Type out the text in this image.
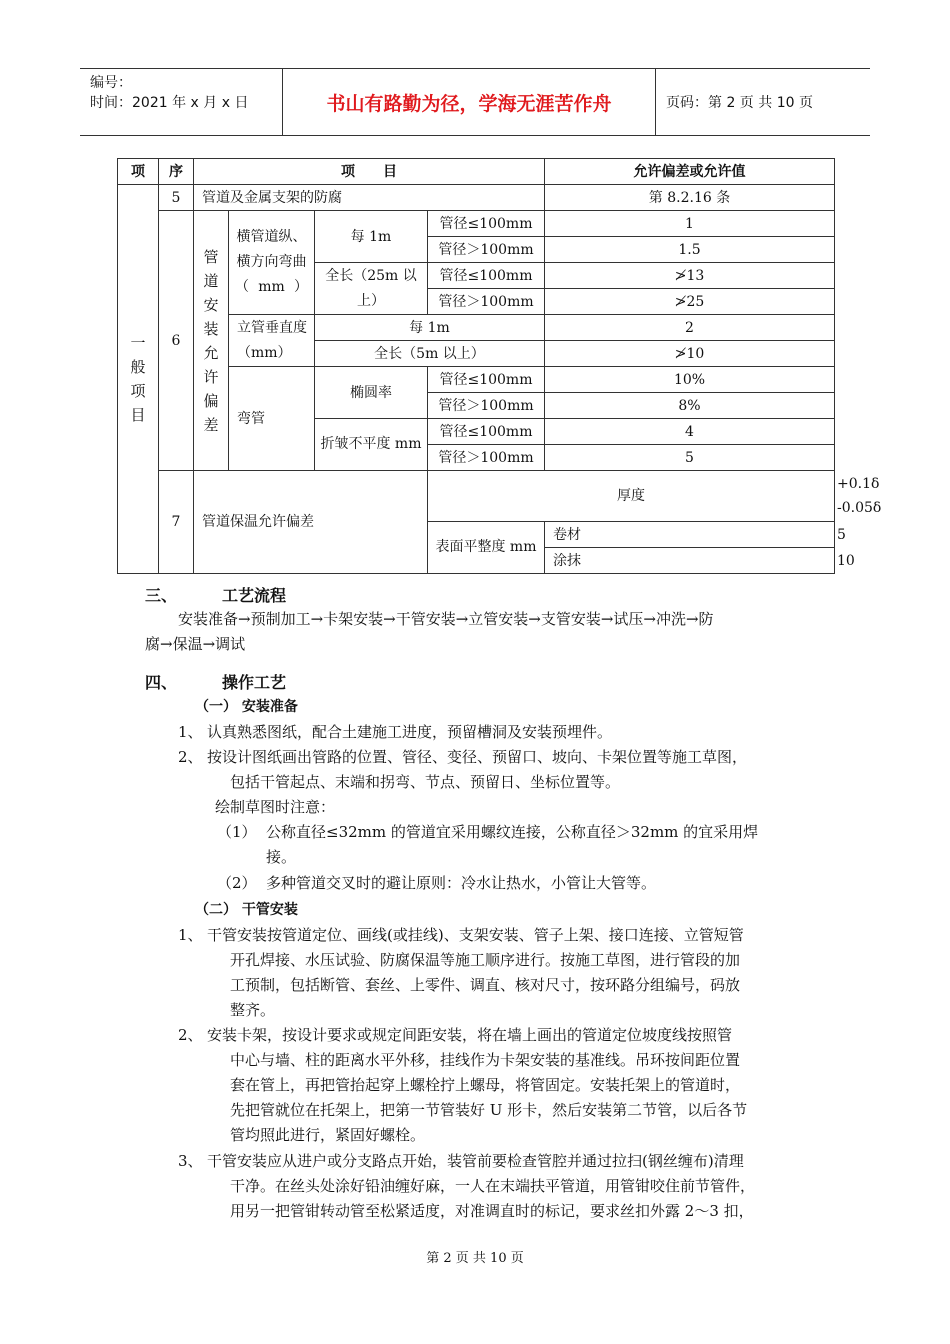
编号：
时间：2021 年 x 月 x 日	书山有路勤为径，学海无涯苦作舟	页码：第 2 页 共 10 页
项	序	项　　目				允许偏差或允许值	

一般项目	5	管道及金属支架的防腐				第 8.2.16 条	
	6	管道安装允许偏差	横管道纵、横方向弯曲（mm）	每 1m	管径≤100mm	1	
					管径＞100mm	1.5	
				全长（25m 以上）	管径≤100mm	≯13	
					管径＞100mm	≯25	
			立管垂直度（mm）	每 1m		2	
				全长（5m 以上）		≯10	
			弯管	椭圆率	管径≤100mm	10%	
					管径＞100mm	8%	
				折皱不平度 mm	管径≤100mm	4	
					管径＞100mm	5	
	7	管道保温允许偏差			厚度		+0.1δ
-0.05δ

					表面平整度 mm	卷材	5
						涂抹	10
三、	工艺流程
安装准备→预制加工→卡架安装→干管安装→立管安装→支管安装→试压→冲洗→防
腐→保温→调试
四、	操作工艺
（一） 安装准备
1、 认真熟悉图纸，配合土建施工进度，预留槽洞及安装预埋件。
2、 按设计图纸画出管路的位置、管径、变径、预留口、坡向、卡架位置等施工草图，
包括干管起点、末端和拐弯、节点、预留日、坐标位置等。
绘制草图时注意：
（1） 公称直径≤32mm 的管道宜采用螺纹连接，公称直径＞32mm 的宜采用焊
接。
（2） 多种管道交叉时的避让原则：冷水让热水，小管让大管等。
（二） 干管安装
1、 干管安装按管道定位、画线(或挂线)、支架安装、管子上架、接口连接、立管短管
开孔焊接、水压试验、防腐保温等施工顺序进行。按施工草图，进行管段的加
工预制，包括断管、套丝、上零件、调直、核对尺寸，按环路分组编号，码放
整齐。
2、 安装卡架，按设计要求或规定间距安装，将在墙上画出的管道定位坡度线按照管
中心与墙、柱的距离水平外移，挂线作为卡架安装的基准线。吊环按间距位置
套在管上，再把管抬起穿上螺栓拧上螺母，将管固定。安装托架上的管道时，
先把管就位在托架上，把第一节管装好 U 形卡，然后安装第二节管，以后各节
管均照此进行，紧固好螺栓。
3、 干管安装应从进户或分支路点开始，装管前要检查管腔并通过拉扫(钢丝缠布)清理
干净。在丝头处涂好铅油缠好麻，一人在末端扶平管道，用管钳咬住前节管件，
用另一把管钳转动管至松紧适度，对准调直时的标记，要求丝扣外露 2～3 扣，
第 2 页 共 10 页
